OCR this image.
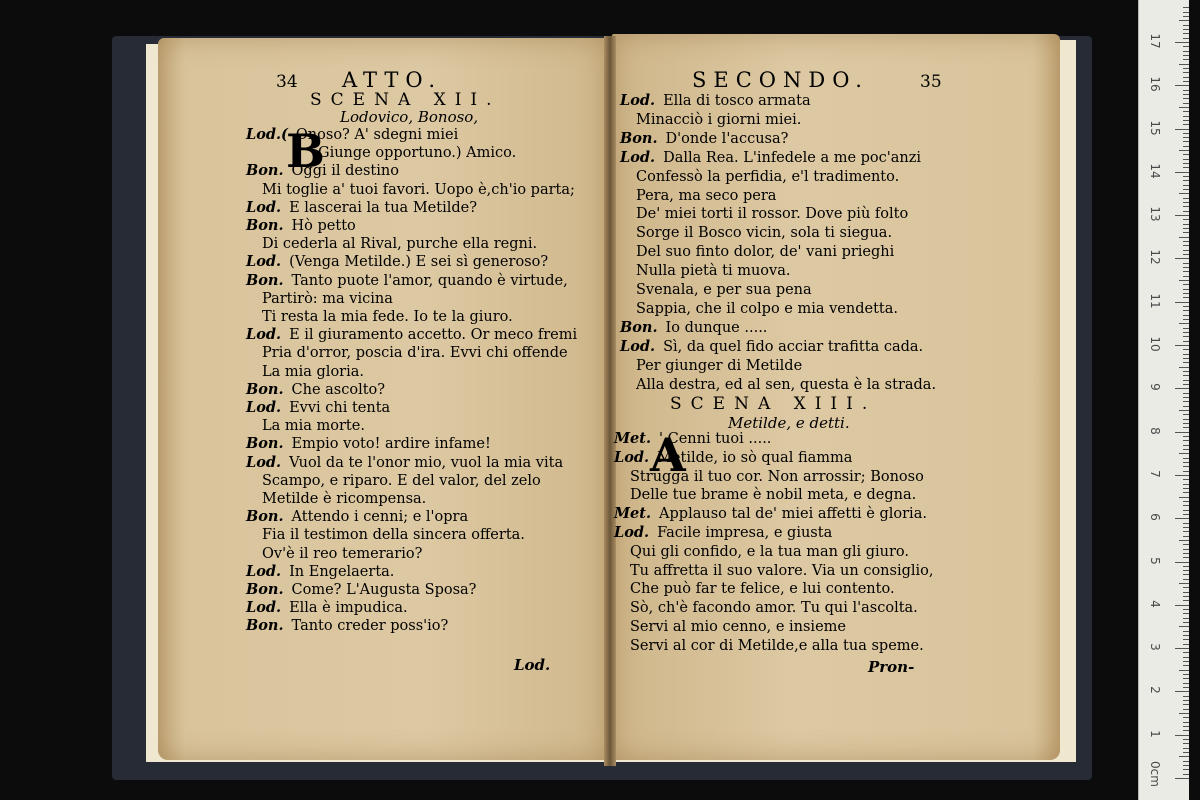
34 ATTO.
SCENA XII.
Lodovico, Bonoso,
B
Lod.( Onoso? A' sdegni miei
Giunge opportuno.) Amico.
Bon. Oggi il destino
Mi toglie a' tuoi favori. Uopo è,ch'io parta;
Lod. E lascerai la tua Metilde?
Bon. Hò petto
Di cederla al Rival, purche ella regni.
Lod. (Venga Metilde.) E sei sì generoso?
Bon. Tanto puote l'amor, quando è virtude,
Partirò: ma vicina
Ti resta la mia fede. Io te la giuro.
Lod. E il giuramento accetto. Or meco fremi
Pria d'orror, poscia d'ira. Evvi chi offende
La mia gloria.
Bon. Che ascolto?
Lod. Evvi chi tenta
La mia morte.
Bon. Empio voto! ardire infame!
Lod. Vuol da te l'onor mio, vuol la mia vita
Scampo, e riparo. E del valor, del zelo
Metilde è ricompensa.
Bon. Attendo i cenni; e l'opra
Fia il testimon della sincera offerta.
Ov'è il reo temerario?
Lod. In Engelaerta.
Bon. Come? L'Augusta Sposa?
Lod. Ella è impudica.
Bon. Tanto creder poss'io?
Lod.
SECONDO.	35
Lod. Ella di tosco armata
Minacciò i giorni miei.
Bon. D'onde l'accusa?
Lod. Dalla Rea. L'infedele a me poc'anzi
Confessò la perfidia, e'l tradimento.
Pera, ma seco pera
De' miei torti il rossor. Dove più folto
Sorge il Bosco vicin, sola ti siegua.
Del suo finto dolor, de' vani prieghi
Nulla pietà ti muova.
Svenala, e per sua pena
Sappia, che il colpo e mia vendetta.
Bon. Io dunque .....
Lod. Sì, da quel fido acciar trafitta cada.
Per giunger di Metilde
Alla destra, ed al sen, questa è la strada.
SCENA XIII.
Metilde, e detti.
A
Met. ' Cenni tuoi .....
Lod. Metilde, io sò qual fiamma
Strugga il tuo cor. Non arrossir; Bonoso
Delle tue brame è nobil meta, e degna.
Met. Applauso tal de' miei affetti è gloria.
Lod. Facile impresa, e giusta
Qui gli confido, e la tua man gli giuro.
Tu affretta il suo valore. Via un consiglio,
Che può far te felice, e lui contento.
Sò, ch'è facondo amor. Tu qui l'ascolta.
Servi al mio cenno, e insieme
Servi al cor di Metilde,e alla tua speme.
Pron-
0cm
1
2
3
4
5
6
7
8
9
10
11
12
13
14
15
16
17
